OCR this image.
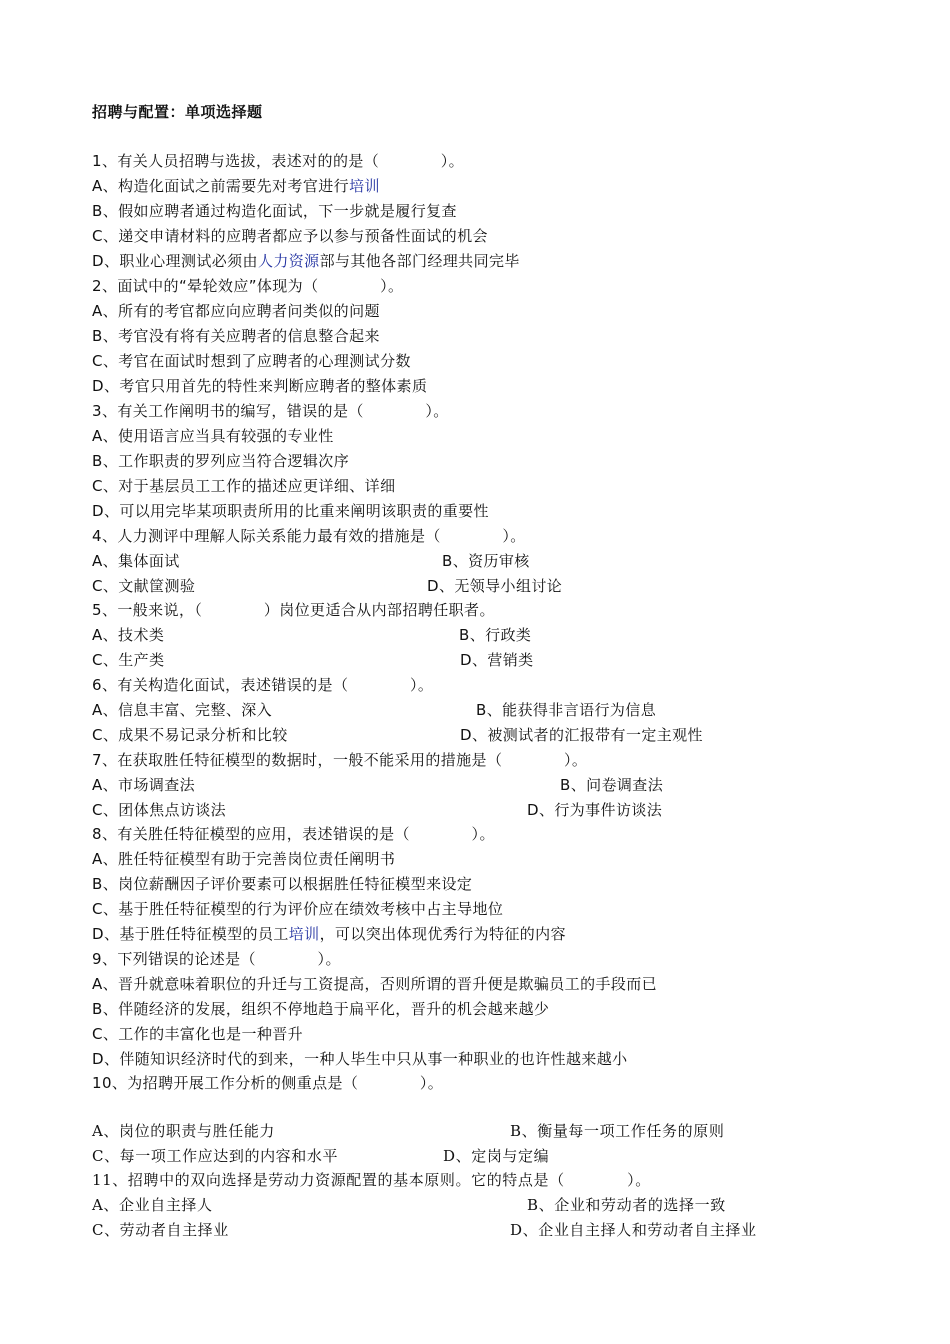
招聘与配置：单项选择题
1、有关人员招聘与选拔，表述对的的是（　　　　）。
A、构造化面试之前需要先对考官进行培训
B、假如应聘者通过构造化面试，下一步就是履行复查
C、递交申请材料的应聘者都应予以参与预备性面试的机会
D、职业心理测试必须由人力资源部与其他各部门经理共同完毕
2、面试中的“晕轮效应”体现为（　　　　）。
A、所有的考官都应向应聘者问类似的问题
B、考官没有将有关应聘者的信息整合起来
C、考官在面试时想到了应聘者的心理测试分数
D、考官只用首先的特性来判断应聘者的整体素质
3、有关工作阐明书的编写，错误的是（　　　　）。
A、使用语言应当具有较强的专业性
B、工作职责的罗列应当符合逻辑次序
C、对于基层员工工作的描述应更详细、详细
D、可以用完毕某项职责所用的比重来阐明该职责的重要性
4、人力测评中理解人际关系能力最有效的措施是（　　　　）。
A、集体面试	B、资历审核
C、文献筐测验	D、无领导小组讨论
5、一般来说，（　　　　）岗位更适合从内部招聘任职者。
A、技术类	B、行政类
C、生产类	D、营销类
6、有关构造化面试，表述错误的是（　　　　）。
A、信息丰富、完整、深入	B、能获得非言语行为信息
C、成果不易记录分析和比较	D、被测试者的汇报带有一定主观性
7、在获取胜任特征模型的数据时，一般不能采用的措施是（　　　　）。
A、市场调查法	B、问卷调查法
C、团体焦点访谈法	D、行为事件访谈法
8、有关胜任特征模型的应用，表述错误的是（　　　　）。
A、胜任特征模型有助于完善岗位责任阐明书
B、岗位薪酬因子评价要素可以根据胜任特征模型来设定
C、基于胜任特征模型的行为评价应在绩效考核中占主导地位
D、基于胜任特征模型的员工培训，可以突出体现优秀行为特征的内容
9、下列错误的论述是（　　　　）。
A、晋升就意味着职位的升迁与工资提高，否则所谓的晋升便是欺骗员工的手段而已
B、伴随经济的发展，组织不停地趋于扁平化，晋升的机会越来越少
C、工作的丰富化也是一种晋升
D、伴随知识经济时代的到来，一种人毕生中只从事一种职业的也许性越来越小
10、为招聘开展工作分析的侧重点是（　　　　）。
A、岗位的职责与胜任能力	B、衡量每一项工作任务的原则
C、每一项工作应达到的内容和水平	D、定岗与定编
11、招聘中的双向选择是劳动力资源配置的基本原则。它的特点是（　　　　）。
A、企业自主择人	B、企业和劳动者的选择一致
C、劳动者自主择业	D、企业自主择人和劳动者自主择业
